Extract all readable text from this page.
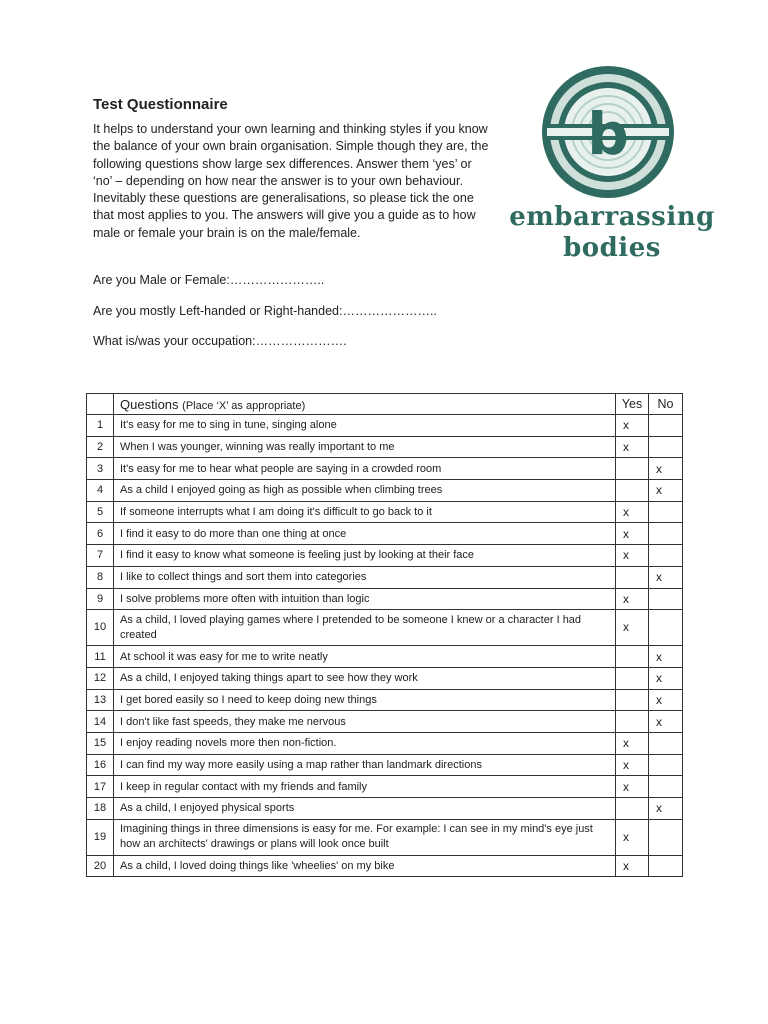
Test Questionnaire
It helps to understand your own learning and thinking styles if you know the balance of your own brain organisation. Simple though they are, the following questions show large sex differences. Answer them ‘yes’ or ‘no’ – depending on how near the answer is to your own behaviour. Inevitably these questions are generalisations, so please tick the one that most applies to you. The answers will give you a guide as to how male or female your brain is on the male/female.
Are you Male or Female:…………………..
Are you mostly Left-handed or Right-handed:…………………..
What is/was your occupation:………………….
b
embarrassing
bodies
	Questions (Place ‘X’ as appropriate)	Yes	No
1	It's easy for me to sing in tune, singing alone	x	
2	When I was younger, winning was really important to me	x	
3	It's easy for me to hear what people are saying in a crowded room		x
4	As a child I enjoyed going as high as possible when climbing trees		x
5	If someone interrupts what I am doing it's difficult to go back to it	x	
6	I find it easy to do more than one thing at once	x	
7	I find it easy to know what someone is feeling just by looking at their face	x	
8	I like to collect things and sort them into categories		x
9	I solve problems more often with intuition than logic	x	
10	As a child, I loved playing games where I pretended to be someone I knew or a character I had created	x	
11	At school it was easy for me to write neatly		x
12	As a child, I enjoyed taking things apart to see how they work		x
13	I get bored easily so I need to keep doing new things		x
14	I don't like fast speeds, they make me nervous		x
15	I enjoy reading novels more then non-fiction.	x	
16	I can find my way more easily using a map rather than landmark directions	x	
17	I keep in regular contact with my friends and family	x	
18	As a child, I enjoyed physical sports		x
19	Imagining things in three dimensions is easy for me. For example: I can see in my mind's eye just how an architects' drawings or plans will look once built	x	
20	As a child, I loved doing things like 'wheelies' on my bike	x	
